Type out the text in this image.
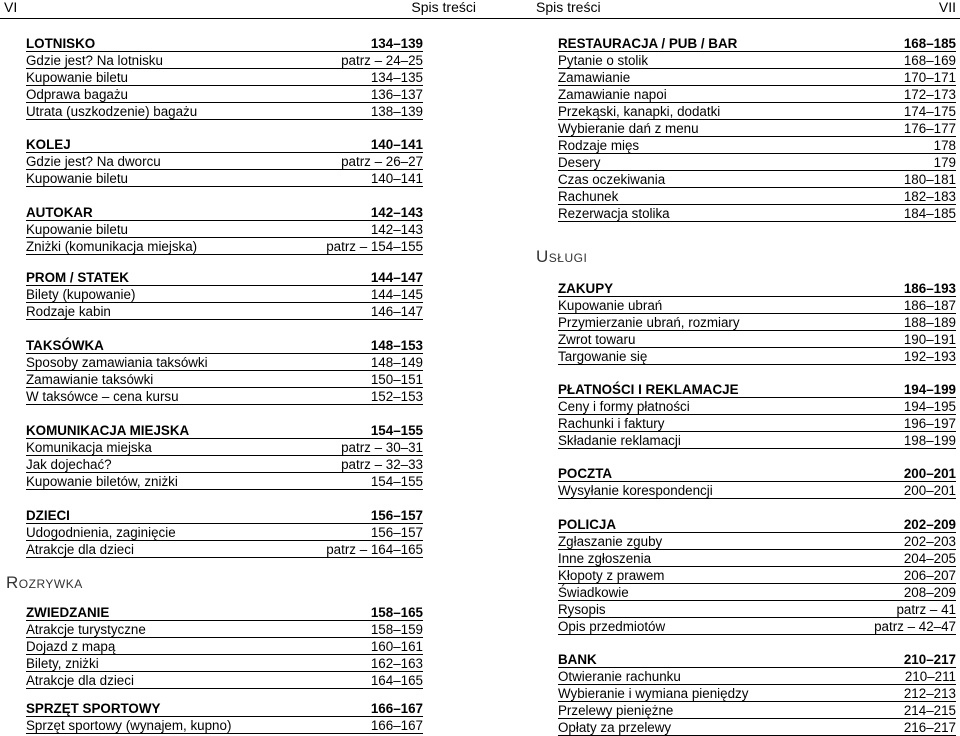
VI	Spis treści
LOTNISKO	134–139
Gdzie jest? Na lotnisku	patrz – 24–25
Kupowanie biletu	134–135
Odprawa bagażu	136–137
Utrata (uszkodzenie) bagażu	138–139
KOLEJ	140–141
Gdzie jest? Na dworcu	patrz – 26–27
Kupowanie biletu	140–141
AUTOKAR	142–143
Kupowanie biletu	142–143
Zniżki (komunikacja miejska)	patrz – 154–155
PROM / STATEK	144–147
Bilety (kupowanie)	144–145
Rodzaje kabin	146–147
TAKSÓWKA	148–153
Sposoby zamawiania taksówki	148–149
Zamawianie taksówki	150–151
W taksówce – cena kursu	152–153
KOMUNIKACJA MIEJSKA	154–155
Komunikacja miejska	patrz – 30–31
Jak dojechać?	patrz – 32–33
Kupowanie biletów, zniżki	154–155
DZIECI	156–157
Udogodnienia, zaginięcie	156–157
Atrakcje dla dzieci	patrz – 164–165
Rozrywka
ZWIEDZANIE	158–165
Atrakcje turystyczne	158–159
Dojazd z mapą	160–161
Bilety, zniżki	162–163
Atrakcje dla dzieci	164–165
SPRZĘT SPORTOWY	166–167
Sprzęt sportowy (wynajem, kupno)	166–167
Spis treści	VII
RESTAURACJA / PUB / BAR	168–185
Pytanie o stolik	168–169
Zamawianie	170–171
Zamawianie napoi	172–173
Przekąski, kanapki, dodatki	174–175
Wybieranie dań z menu	176–177
Rodzaje mięs	178
Desery	179
Czas oczekiwania	180–181
Rachunek	182–183
Rezerwacja stolika	184–185
Usługi
ZAKUPY	186–193
Kupowanie ubrań	186–187
Przymierzanie ubrań, rozmiary	188–189
Zwrot towaru	190–191
Targowanie się	192–193
PŁATNOŚCI I REKLAMACJE	194–199
Ceny i formy płatności	194–195
Rachunki i faktury	196–197
Składanie reklamacji	198–199
POCZTA	200–201
Wysyłanie korespondencji	200–201
POLICJA	202–209
Zgłaszanie zguby	202–203
Inne zgłoszenia	204–205
Kłopoty z prawem	206–207
Świadkowie	208–209
Rysopis	patrz – 41
Opis przedmiotów	patrz – 42–47
BANK	210–217
Otwieranie rachunku	210–211
Wybieranie i wymiana pieniędzy	212–213
Przelewy pieniężne	214–215
Opłaty za przelewy	216–217
